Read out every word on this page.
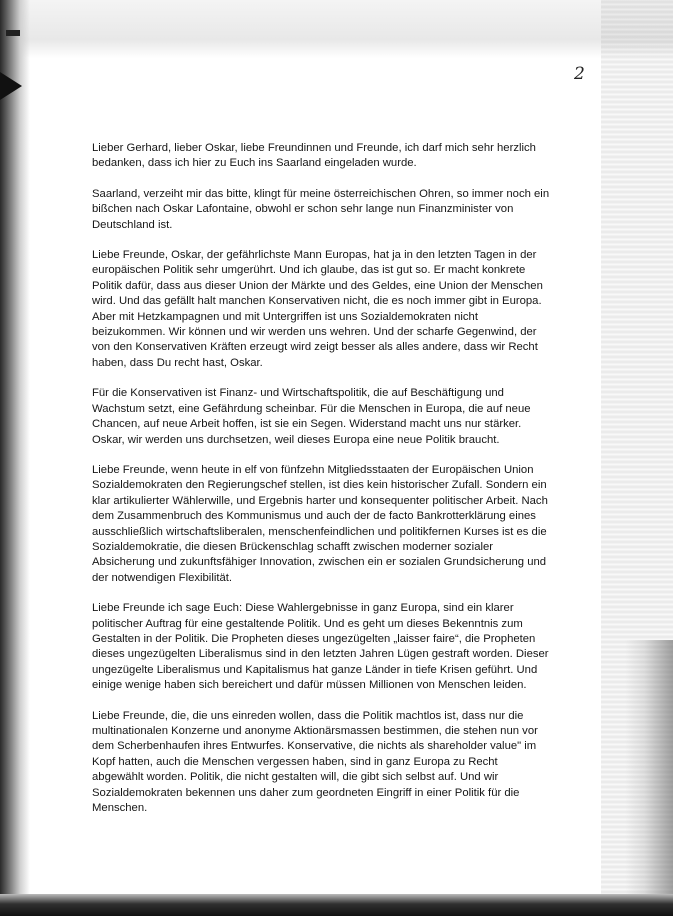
2

Lieber Gerhard, lieber Oskar, liebe Freundinnen und Freunde, ich darf mich sehr herzlich bedanken, dass ich hier zu Euch ins Saarland eingeladen wurde.

Saarland, verzeiht mir das bitte, klingt für meine österreichischen Ohren, so immer noch ein bißchen nach Oskar Lafontaine, obwohl er schon sehr lange nun Finanzminister von Deutschland ist.

Liebe Freunde, Oskar, der gefährlichste Mann Europas, hat ja in den letzten Tagen in der europäischen Politik sehr umgerührt. Und ich glaube, das ist gut so. Er macht konkrete Politik dafür, dass aus dieser Union der Märkte und des Geldes, eine Union der Menschen wird. Und das gefällt halt manchen Konservativen nicht, die es noch immer gibt in Europa. Aber mit Hetzkampagnen und mit Untergriffen ist uns Sozialdemokraten nicht beizukommen. Wir können und wir werden uns wehren. Und der scharfe Gegenwind, der von den Konservativen Kräften erzeugt wird zeigt besser als alles andere, dass wir Recht haben, dass Du recht hast, Oskar.

Für die Konservativen ist Finanz- und Wirtschaftspolitik, die auf Beschäftigung und Wachstum setzt, eine Gefährdung scheinbar. Für die Menschen in Europa, die auf neue Chancen, auf neue Arbeit hoffen, ist sie ein Segen. Widerstand macht uns nur stärker. Oskar, wir werden uns durchsetzen, weil dieses Europa eine neue Politik braucht.

Liebe Freunde, wenn heute in elf von fünfzehn Mitgliedsstaaten der Europäischen Union Sozialdemokraten den Regierungschef stellen, ist dies kein historischer Zufall. Sondern ein klar artikulierter Wählerwille, und Ergebnis harter und konsequenter politischer Arbeit. Nach dem Zusammenbruch des Kommunismus und auch der de facto Bankrotterklärung eines ausschließlich wirtschaftsliberalen, menschenfeindlichen und politikfernen Kurses ist es die Sozialdemokratie, die diesen Brückenschlag schafft zwischen moderner sozialer Absicherung und zukunftsfähiger Innovation, zwischen ein er sozialen Grundsicherung und der notwendigen Flexibilität.

Liebe Freunde ich sage Euch: Diese Wahlergebnisse in ganz Europa, sind ein klarer politischer Auftrag für eine gestaltende Politik. Und es geht um dieses Bekenntnis zum Gestalten in der Politik. Die Propheten dieses ungezügelten „laisser faire“, die Propheten dieses ungezügelten Liberalismus sind in den letzten Jahren Lügen gestraft worden. Dieser ungezügelte Liberalismus und Kapitalismus hat ganze Länder in tiefe Krisen geführt. Und einige wenige haben sich bereichert und dafür müssen Millionen von Menschen leiden.

Liebe Freunde, die, die uns einreden wollen, dass die Politik machtlos ist, dass nur die multinationalen Konzerne und anonyme Aktionärsmassen bestimmen, die stehen nun vor dem Scherbenhaufen ihres Entwurfes. Konservative, die nichts als shareholder value" im Kopf hatten, auch die Menschen vergessen haben, sind in ganz Europa zu Recht abgewählt worden. Politik, die nicht gestalten will, die gibt sich selbst auf. Und wir Sozialdemokraten bekennen uns daher zum geordneten Eingriff in einer Politik für die Menschen.
